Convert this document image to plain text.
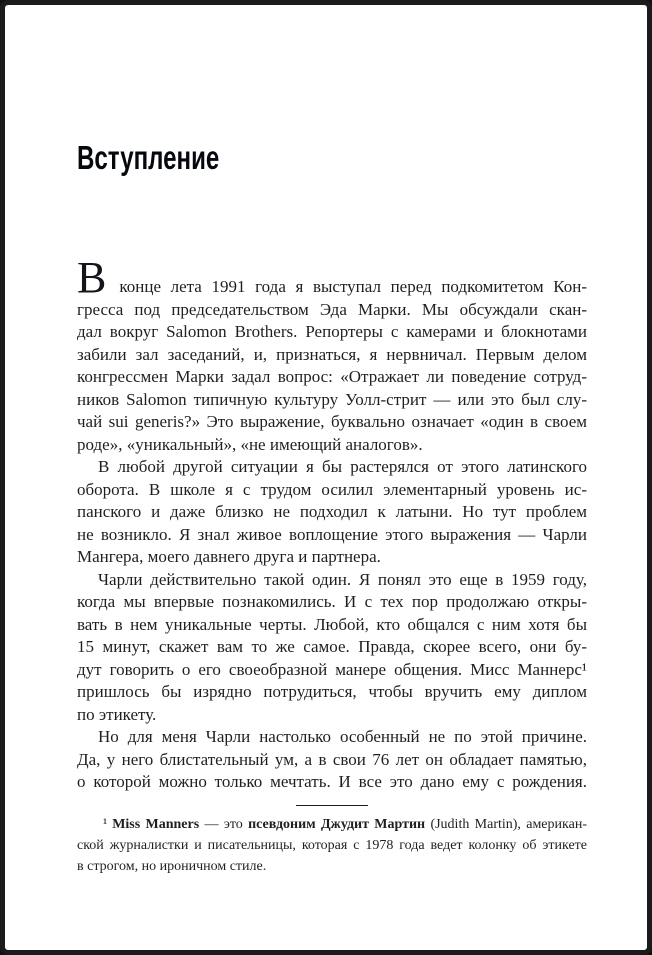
Вступление
Вконце лета 1991 года я выступал перед подкомитетом Кон-
гресса под председательством Эда Марки. Мы обсуждали скан-
дал вокруг Salomon Brothers. Репортеры с камерами и блокнотами
забили зал заседаний, и, признаться, я нервничал. Первым делом
конгрессмен Марки задал вопрос: «Отражает ли поведение сотруд-
ников Salomon типичную культуру Уолл-стрит — или это был слу-
чай sui generis?» Это выражение, буквально означает «один в своем
роде», «уникальный», «не имеющий аналогов».
В любой другой ситуации я бы растерялся от этого латинского
оборота. В школе я с трудом осилил элементарный уровень ис-
панского и даже близко не подходил к латыни. Но тут проблем
не возникло. Я знал живое воплощение этого выражения — Чарли
Мангера, моего давнего друга и партнера.
Чарли действительно такой один. Я понял это еще в 1959 году,
когда мы впервые познакомились. И с тех пор продолжаю откры-
вать в нем уникальные черты. Любой, кто общался с ним хотя бы
15 минут, скажет вам то же самое. Правда, скорее всего, они бу-
дут говорить о его своеобразной манере общения. Мисс Маннерс¹
пришлось бы изрядно потрудиться, чтобы вручить ему диплом
по этикету.
Но для меня Чарли настолько особенный не по этой причине.
Да, у него блистательный ум, а в свои 76 лет он обладает памятью,
о которой можно только мечтать. И все это дано ему с рождения.
¹ Miss Manners — это псевдоним Джудит Мартин (Judith Martin), американ-
ской журналистки и писательницы, которая с 1978 года ведет колонку об этикете
в строгом, но ироничном стиле.
